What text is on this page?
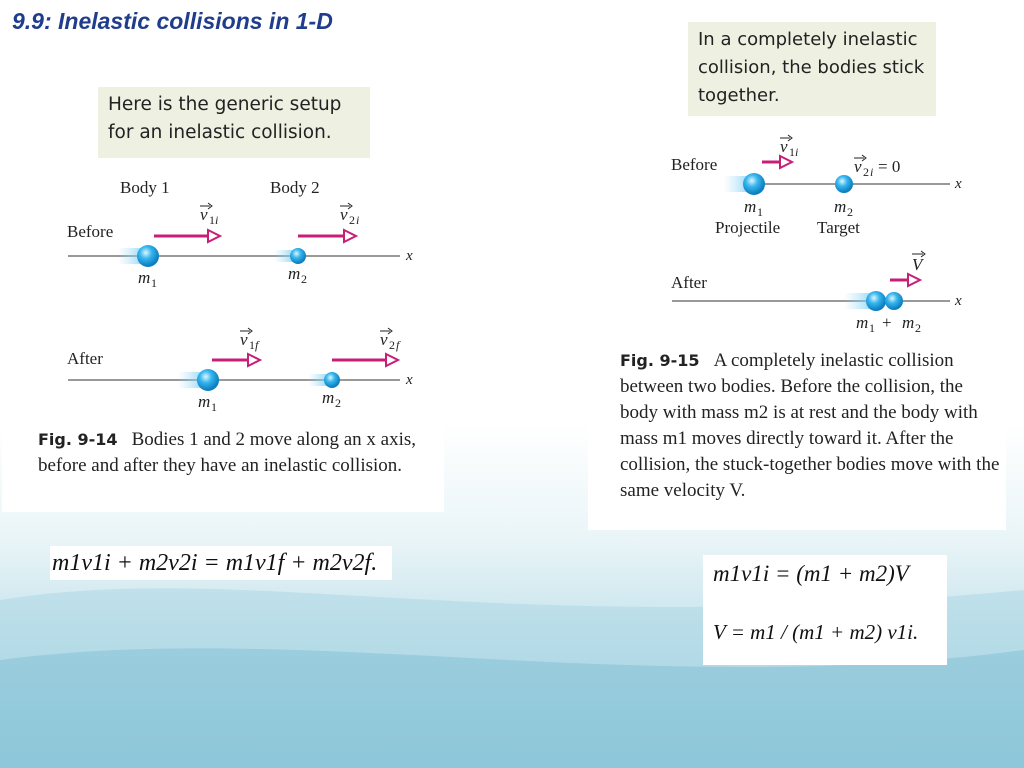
9.9: Inelastic collisions in 1-D
Here is the generic setup for an inelastic collision.
Body 1	Body 2
Before
v 1 i	v 2 i
x
m 1	m 2
After
v 1 f	v 2 f
x
m 1	m 2
Fig. 9-14 Bodies 1 and 2 move along an x axis, before and after they have an inelastic collision.
In a completely inelastic collision, the bodies stick together.
Before
v 1 i
v 2 i = 0
x
m 1	m 2
Projectile Target
After
V
x
m 1 + m 2
Fig. 9-15 A completely inelastic collision between two bodies. Before the collision, the body with mass m2 is at rest and the body with mass m1 moves directly toward it. After the collision, the stuck-together bodies move with the same velocity V.
m1v1i + m2v2i = m1v1f + m2v2f.	m1v1i = (m1 + m2)V
V = m1 / (m1 + m2) v1i.
